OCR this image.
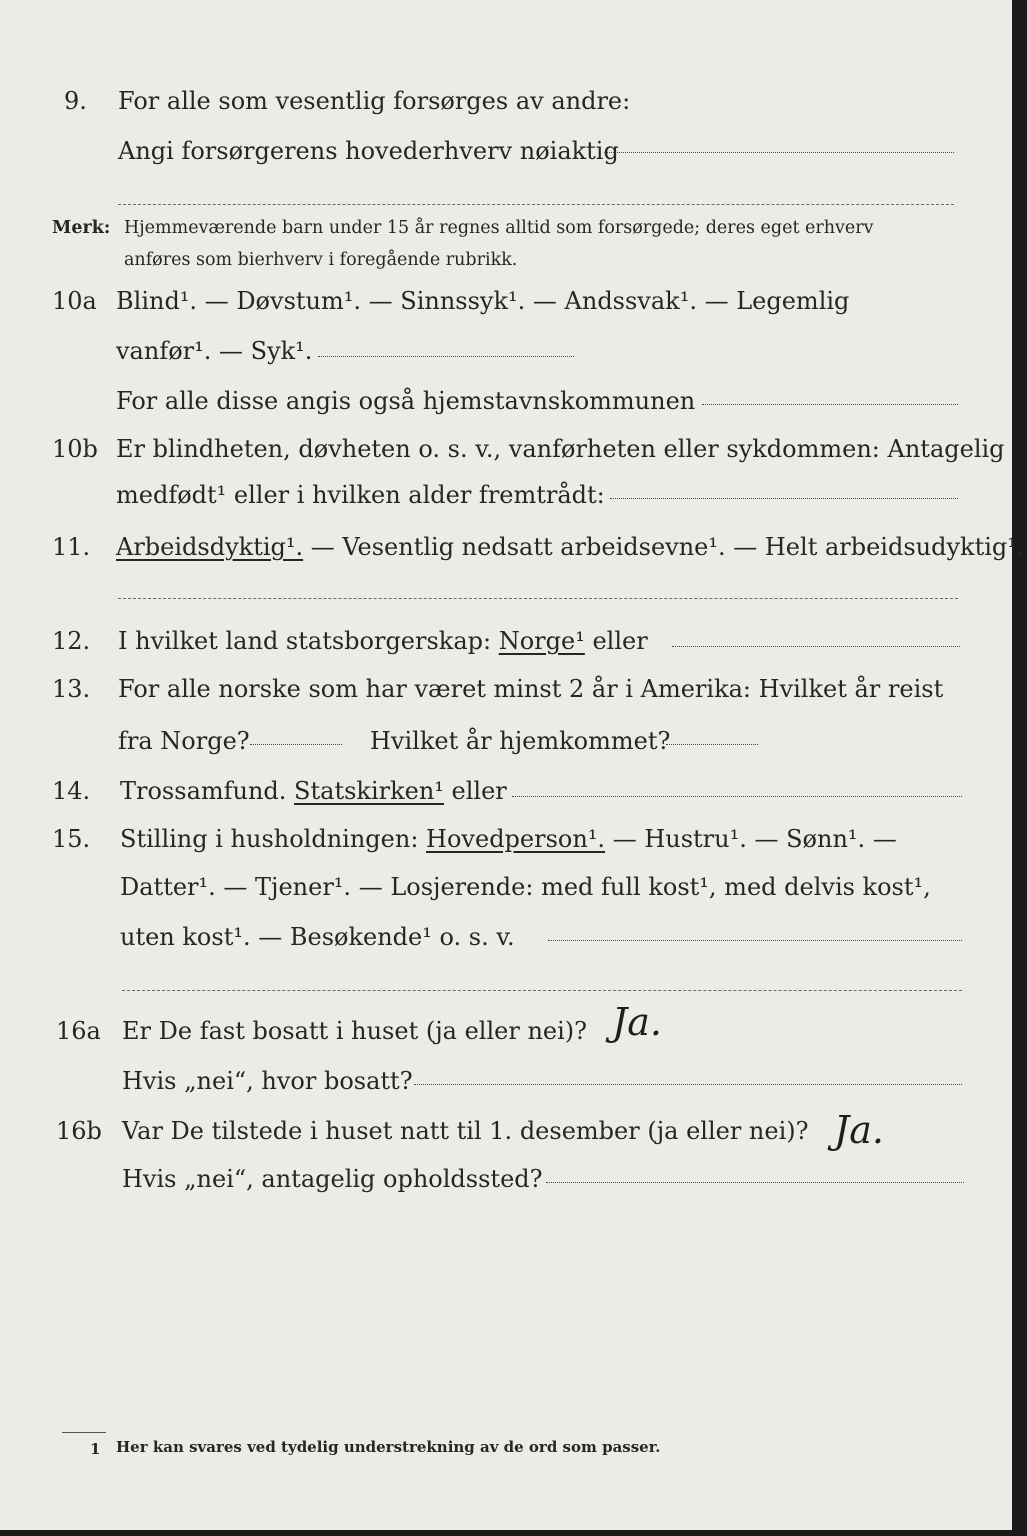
9. For alle som vesentlig forsørges av andre:
Angi forsørgerens hovederhverv nøiaktig
Merk: Hjemmeværende barn under 15 år regnes alltid som forsørgede; deres eget erhverv
anføres som bierhverv i foregående rubrikk.
10a Blind¹. — Døvstum¹. — Sinnssyk¹. — Andssvak¹. — Legemlig
vanfør¹. — Syk¹.
For alle disse angis også hjemstavnskommunen
10b Er blindheten, døvheten o. s. v., vanførheten eller sykdommen: Antagelig
medfødt¹ eller i hvilken alder fremtrådt:
11. Arbeidsdyktig¹. — Vesentlig nedsatt arbeidsevne¹. — Helt arbeidsudyktig¹.
12. I hvilket land statsborgerskap: Norge¹ eller
13. For alle norske som har været minst 2 år i Amerika: Hvilket år reist
fra Norge?	Hvilket år hjemkommet?
14. Trossamfund. Statskirken¹ eller
15. Stilling i husholdningen: Hovedperson¹. — Hustru¹. — Sønn¹. —
Datter¹. — Tjener¹. — Losjerende: med full kost¹, med delvis kost¹,
uten kost¹. — Besøkende¹ o. s. v.
16a Er De fast bosatt i huset (ja eller nei)? Ja.
Hvis „nei“, hvor bosatt?
16b Var De tilstede i huset natt til 1. desember (ja eller nei)? Ja.
Hvis „nei“, antagelig opholdssted?
1 Her kan svares ved tydelig understrekning av de ord som passer.
